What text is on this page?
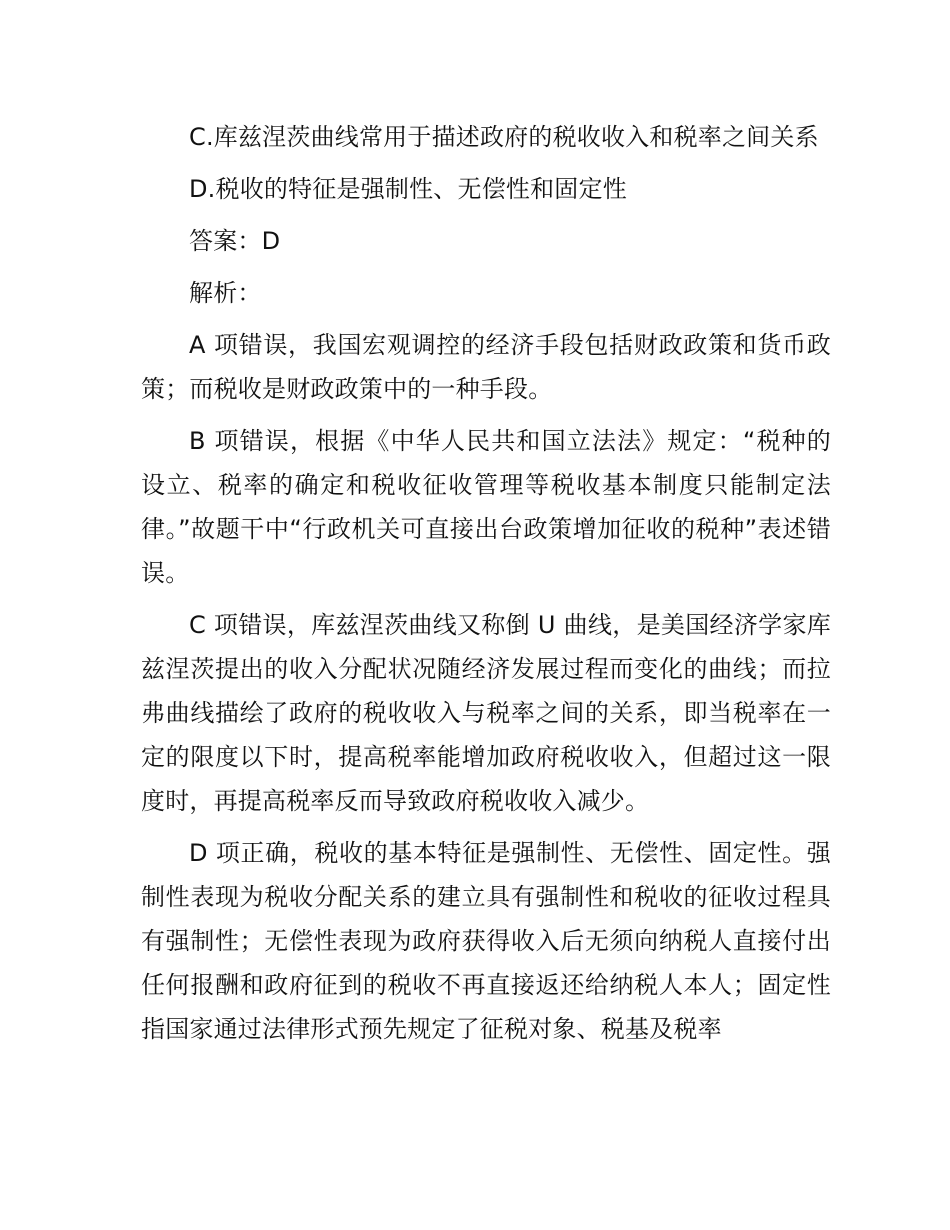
C.库兹涅茨曲线常用于描述政府的税收收入和税率之间关系

D.税收的特征是强制性、无偿性和固定性

答案：D

解析：

A 项错误，我国宏观调控的经济手段包括财政政策和货币政策；而税收是财政政策中的一种手段。

B 项错误，根据《中华人民共和国立法法》规定：“税种的设立、税率的确定和税收征收管理等税收基本制度只能制定法律。”故题干中“行政机关可直接出台政策增加征收的税种”表述错误。

C 项错误，库兹涅茨曲线又称倒 U 曲线，是美国经济学家库兹涅茨提出的收入分配状况随经济发展过程而变化的曲线；而拉弗曲线描绘了政府的税收收入与税率之间的关系，即当税率在一定的限度以下时，提高税率能增加政府税收收入，但超过这一限度时，再提高税率反而导致政府税收收入减少。

D 项正确，税收的基本特征是强制性、无偿性、固定性。强制性表现为税收分配关系的建立具有强制性和税收的征收过程具有强制性；无偿性表现为政府获得收入后无须向纳税人直接付出任何报酬和政府征到的税收不再直接返还给纳税人本人；固定性指国家通过法律形式预先规定了征税对象、税基及税率
